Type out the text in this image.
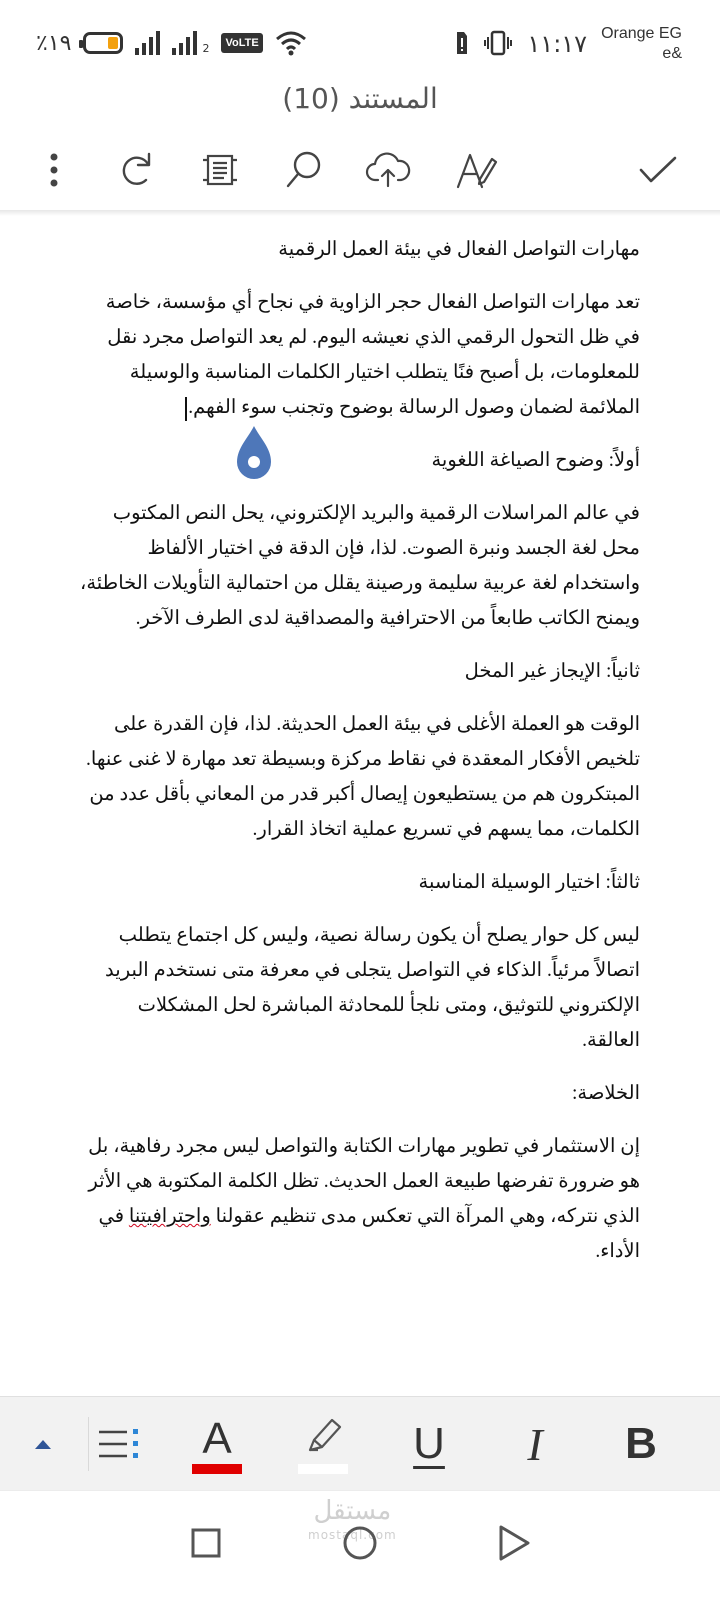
٪١٩	2	VoLTE	١١:١٧ Orange EG
e&
المستند (10)

مهارات التواصل الفعال في بيئة العمل الرقمية

تعد مهارات التواصل الفعال حجر الزاوية في نجاح أي مؤسسة، خاصة في ظل التحول الرقمي الذي نعيشه اليوم. لم يعد التواصل مجرد نقل للمعلومات، بل أصبح فنًا يتطلب اختيار الكلمات المناسبة والوسيلة الملائمة لضمان وصول الرسالة بوضوح وتجنب سوء الفهم.

أولاً: وضوح الصياغة اللغوية

في عالم المراسلات الرقمية والبريد الإلكتروني، يحل النص المكتوب محل لغة الجسد ونبرة الصوت. لذا، فإن الدقة في اختيار الألفاظ واستخدام لغة عربية سليمة ورصينة يقلل من احتمالية التأويلات الخاطئة، ويمنح الكاتب طابعاً من الاحترافية والمصداقية لدى الطرف الآخر.

ثانياً: الإيجاز غير المخل

الوقت هو العملة الأغلى في بيئة العمل الحديثة. لذا، فإن القدرة على تلخيص الأفكار المعقدة في نقاط مركزة وبسيطة تعد مهارة لا غنى عنها. المبتكرون هم من يستطيعون إيصال أكبر قدر من المعاني بأقل عدد من الكلمات، مما يسهم في تسريع عملية اتخاذ القرار.

ثالثاً: اختيار الوسيلة المناسبة

ليس كل حوار يصلح أن يكون رسالة نصية، وليس كل اجتماع يتطلب اتصالاً مرئياً. الذكاء في التواصل يتجلى في معرفة متى نستخدم البريد الإلكتروني للتوثيق، ومتى نلجأ للمحادثة المباشرة لحل المشكلات العالقة.

الخلاصة:

إن الاستثمار في تطوير مهارات الكتابة والتواصل ليس مجرد رفاهية، بل هو ضرورة تفرضها طبيعة العمل الحديث. تظل الكلمة المكتوبة هي الأثر الذي نتركه، وهي المرآة التي تعكس مدى تنظيم عقولنا واحترافيتنا في الأداء.

A	U I B
مستقل
mostaql.com
